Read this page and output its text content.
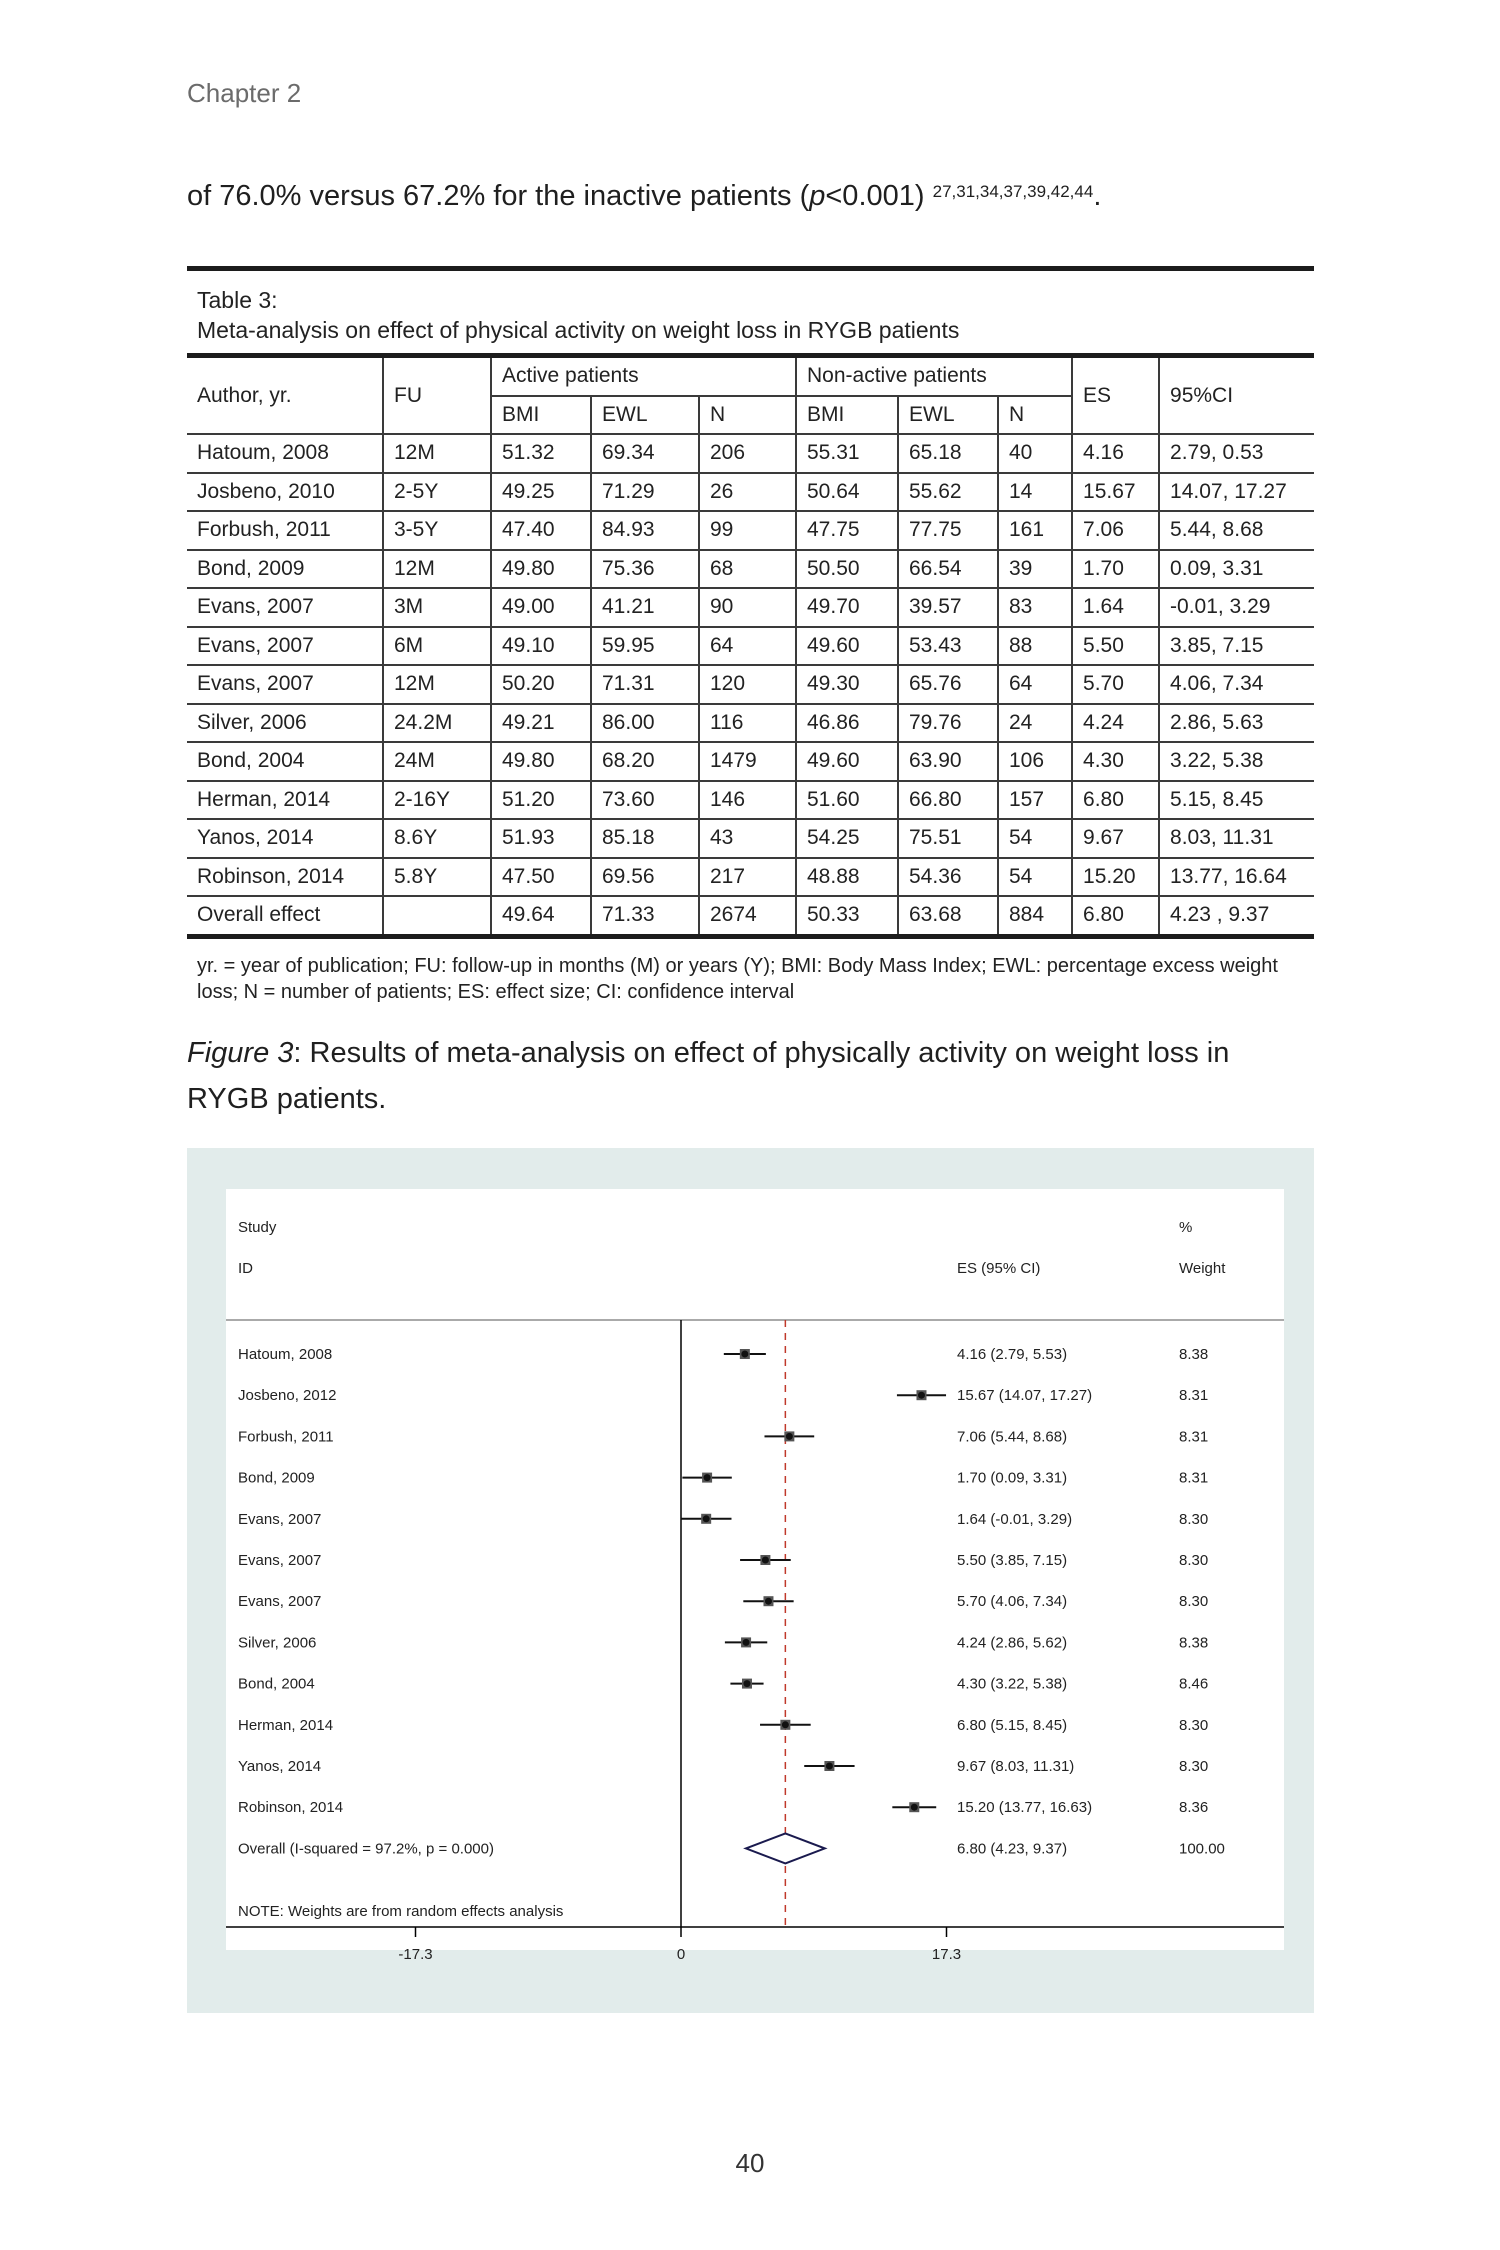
Chapter 2
of 76.0% versus 67.2% for the inactive patients (p<0.001) $^{27,31,34,37,39,42,44}$.
Table 3:
Meta-analysis on effect of physical activity on weight loss in RYGB patients
Author, yr.	FU	Active patients			Non-active patients			ES	95%CI
		BMI	EWL	N	BMI	EWL	N		
Hatoum, 2008	12M	51.32	69.34	206	55.31	65.18	40	4.16	2.79, 0.53
Josbeno, 2010	2-5Y	49.25	71.29	26	50.64	55.62	14	15.67	14.07, 17.27
Forbush, 2011	3-5Y	47.40	84.93	99	47.75	77.75	161	7.06	5.44, 8.68
Bond, 2009	12M	49.80	75.36	68	50.50	66.54	39	1.70	0.09, 3.31
Evans, 2007	3M	49.00	41.21	90	49.70	39.57	83	1.64	-0.01, 3.29
Evans, 2007	6M	49.10	59.95	64	49.60	53.43	88	5.50	3.85, 7.15
Evans, 2007	12M	50.20	71.31	120	49.30	65.76	64	5.70	4.06, 7.34
Silver, 2006	24.2M	49.21	86.00	116	46.86	79.76	24	4.24	2.86, 5.63
Bond, 2004	24M	49.80	68.20	1479	49.60	63.90	106	4.30	3.22, 5.38
Herman, 2014	2-16Y	51.20	73.60	146	51.60	66.80	157	6.80	5.15, 8.45
Yanos, 2014	8.6Y	51.93	85.18	43	54.25	75.51	54	9.67	8.03, 11.31
Robinson, 2014	5.8Y	47.50	69.56	217	48.88	54.36	54	15.20	13.77, 16.64
Overall effect		49.64	71.33	2674	50.33	63.68	884	6.80	4.23 , 9.37
yr. = year of publication; FU: follow-up in months (M) or years (Y); BMI: Body Mass Index; EWL: percentage excess weight loss; N = number of patients; ES: effect size; CI: confidence interval
Figure 3: Results of meta-analysis on effect of physically activity on weight loss in RYGB patients.
Study
ID	ES (95% CI)
%
Weight
Hatoum, 2008	4.16 (2.79, 5.53)	8.38
Josbeno, 2012	15.67 (14.07, 17.27)	8.31
Forbush, 2011	7.06 (5.44, 8.68)	8.31
Bond, 2009	1.70 (0.09, 3.31)	8.31
Evans, 2007	1.64 (-0.01, 3.29)	8.30
Evans, 2007	5.50 (3.85, 7.15)	8.30
Evans, 2007	5.70 (4.06, 7.34)	8.30
Silver, 2006	4.24 (2.86, 5.62)	8.38
Bond, 2004	4.30 (3.22, 5.38)	8.46
Herman, 2014	6.80 (5.15, 8.45)	8.30
Yanos, 2014	9.67 (8.03, 11.31)	8.30
Robinson, 2014	15.20 (13.77, 16.63)	8.36
Overall (I-squared = 97.2%, p = 0.000)	6.80 (4.23, 9.37)	100.00
NOTE: Weights are from random effects analysis
-17.3	0	17.3
40
